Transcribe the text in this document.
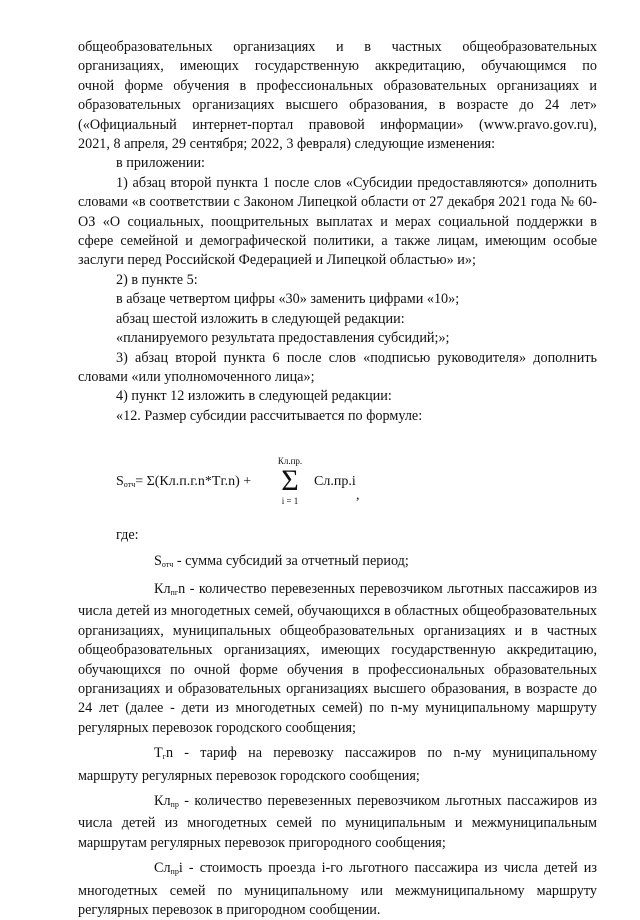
общеобразовательных организациях и в частных общеобразовательных
организациях, имеющих государственную аккредитацию, обучающимся по
очной форме обучения в профессиональных образовательных организациях и
образовательных организациях высшего образования, в возрасте до 24 лет»
(«Официальный интернет-портал правовой информации» (www.pravo.gov.ru),
2021, 8 апреля, 29 сентября; 2022, 3 февраля) следующие изменения:

в приложении:

1) абзац второй пункта 1 после слов «Субсидии предоставляются» дополнить словами «в соответствии с Законом Липецкой области от 27 декабря 2021 года № 60-ОЗ «О социальных, поощрительных выплатах и мерах социальной поддержки в сфере семейной и демографической политики, а также лицам, имеющим особые заслуги перед Российской Федерацией и Липецкой областью» и»;

2) в пункте 5:

в абзаце четвертом цифры «30» заменить цифрами «10»;

абзац шестой изложить в следующей редакции:

«планируемого результата предоставления субсидий;»;

3) абзац второй пункта 6 после слов «подписью руководителя» дополнить словами «или уполномоченного лица»;

4) пункт 12 изложить в следующей редакции:

«12. Размер субсидии рассчитывается по формуле:

$S_{отч}= \Sigma(Кл.п.г.n*Тг.n)$ +
Кл.пр.
Σ
i = 1
Сл.пр.i
,

где:

$S_{отч}$ - сумма субсидий за отчетный период;

$Кл_{пг}n$ - количество перевезенных перевозчиком льготных пассажиров из числа детей из многодетных семей, обучающихся в областных общеобразовательных организациях, муниципальных общеобразовательных организациях и в частных общеобразовательных организациях, имеющих государственную аккредитацию, обучающихся по очной форме обучения в профессиональных образовательных организациях и образовательных организациях высшего образования, в возрасте до 24 лет (далее - дети из многодетных семей) по n-му муниципальному маршруту регулярных перевозок городского сообщения;

$Т_гn$ - тариф на перевозку пассажиров по n-му муниципальному маршруту регулярных перевозок городского сообщения;

$Кл_{пр}$ - количество перевезенных перевозчиком льготных пассажиров из числа детей из многодетных семей по муниципальным и межмуниципальным маршрутам регулярных перевозок пригородного сообщения;

$Сл_{пр}i$ - стоимость проезда i-го льготного пассажира из числа детей из многодетных семей по муниципальному или межмуниципальному маршруту регулярных перевозок в пригородном сообщении.
